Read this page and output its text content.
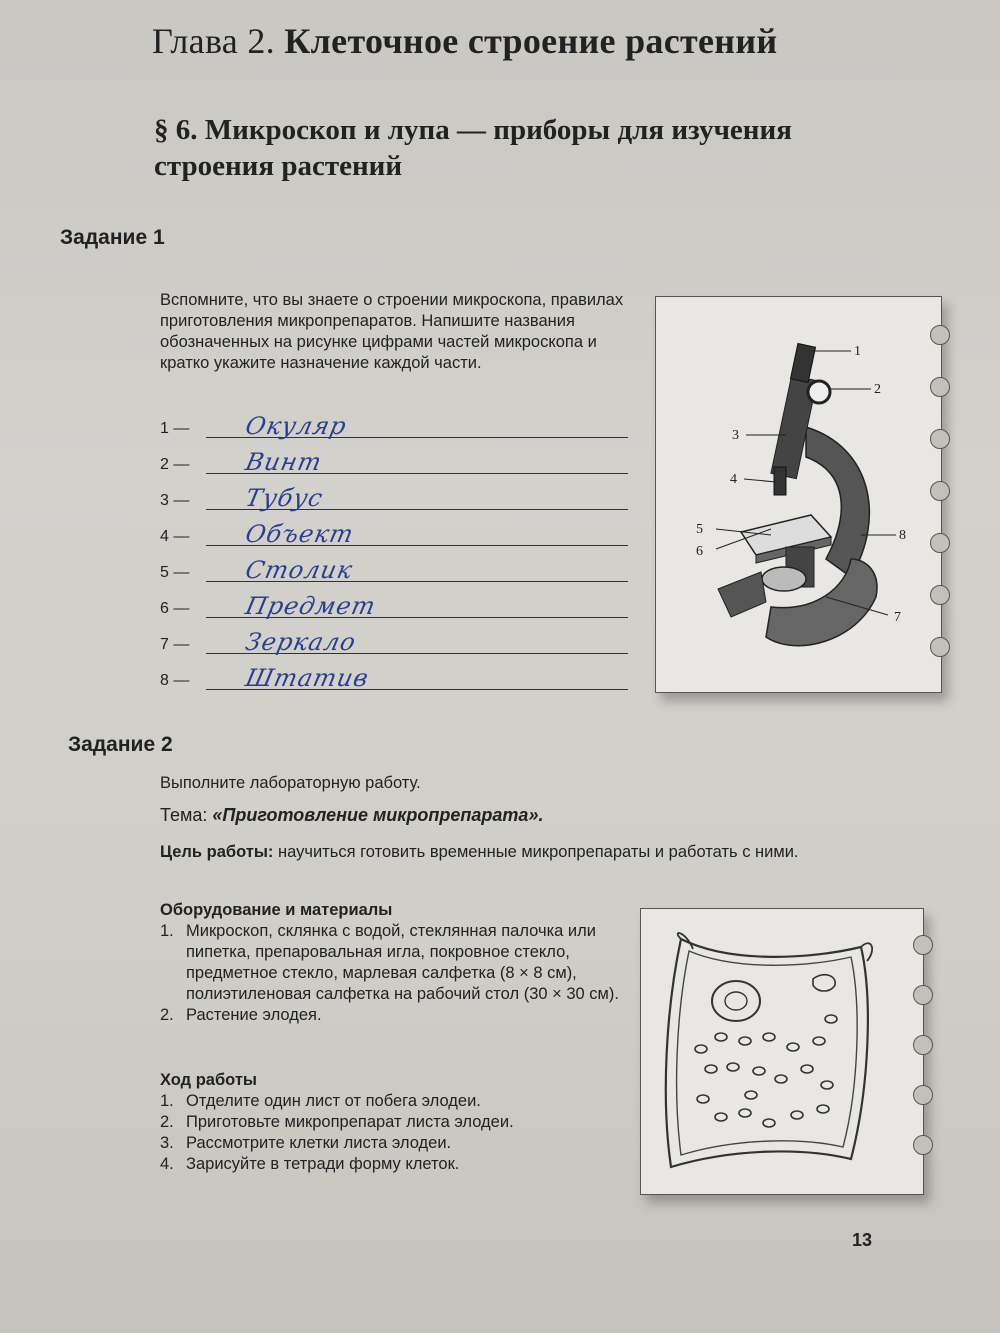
Глава 2. Клеточное строение растений
§ 6. Микроскоп и лупа — приборы для изучения строения растений
Задание 1
Вспомните, что вы знаете о строении микроскопа, правилах приготовления микропрепаратов. Напишите названия обозначенных на рисунке цифрами частей микроскопа и кратко укажите назначение каждой части.
1 —	Окуляр
2 —	Винт
3 —	Тубус
4 —	Объект
5 —	Столик
6 —	Предмет
7 —	Зеркало
8 —	Штатив
1
2
3
4
5
6
7
8
Задание 2
Выполните лабораторную работу.
Тема: «Приготовление микропрепарата».
Цель работы: научиться готовить временные микропрепараты и работать с ними.
Оборудование и материалы
1. Микроскоп, склянка с водой, стеклянная палочка или пипетка, препаровальная игла, покровное стекло, предметное стекло, марлевая салфетка (8 × 8 см), полиэтиленовая салфетка на рабочий стол (30 × 30 см).
2. Растение элодея.
Ход работы
1. Отделите один лист от побега элодеи.
2. Приготовьте микропрепарат листа элодеи.
3. Рассмотрите клетки листа элодеи.
4. Зарисуйте в тетради форму клеток.
13
